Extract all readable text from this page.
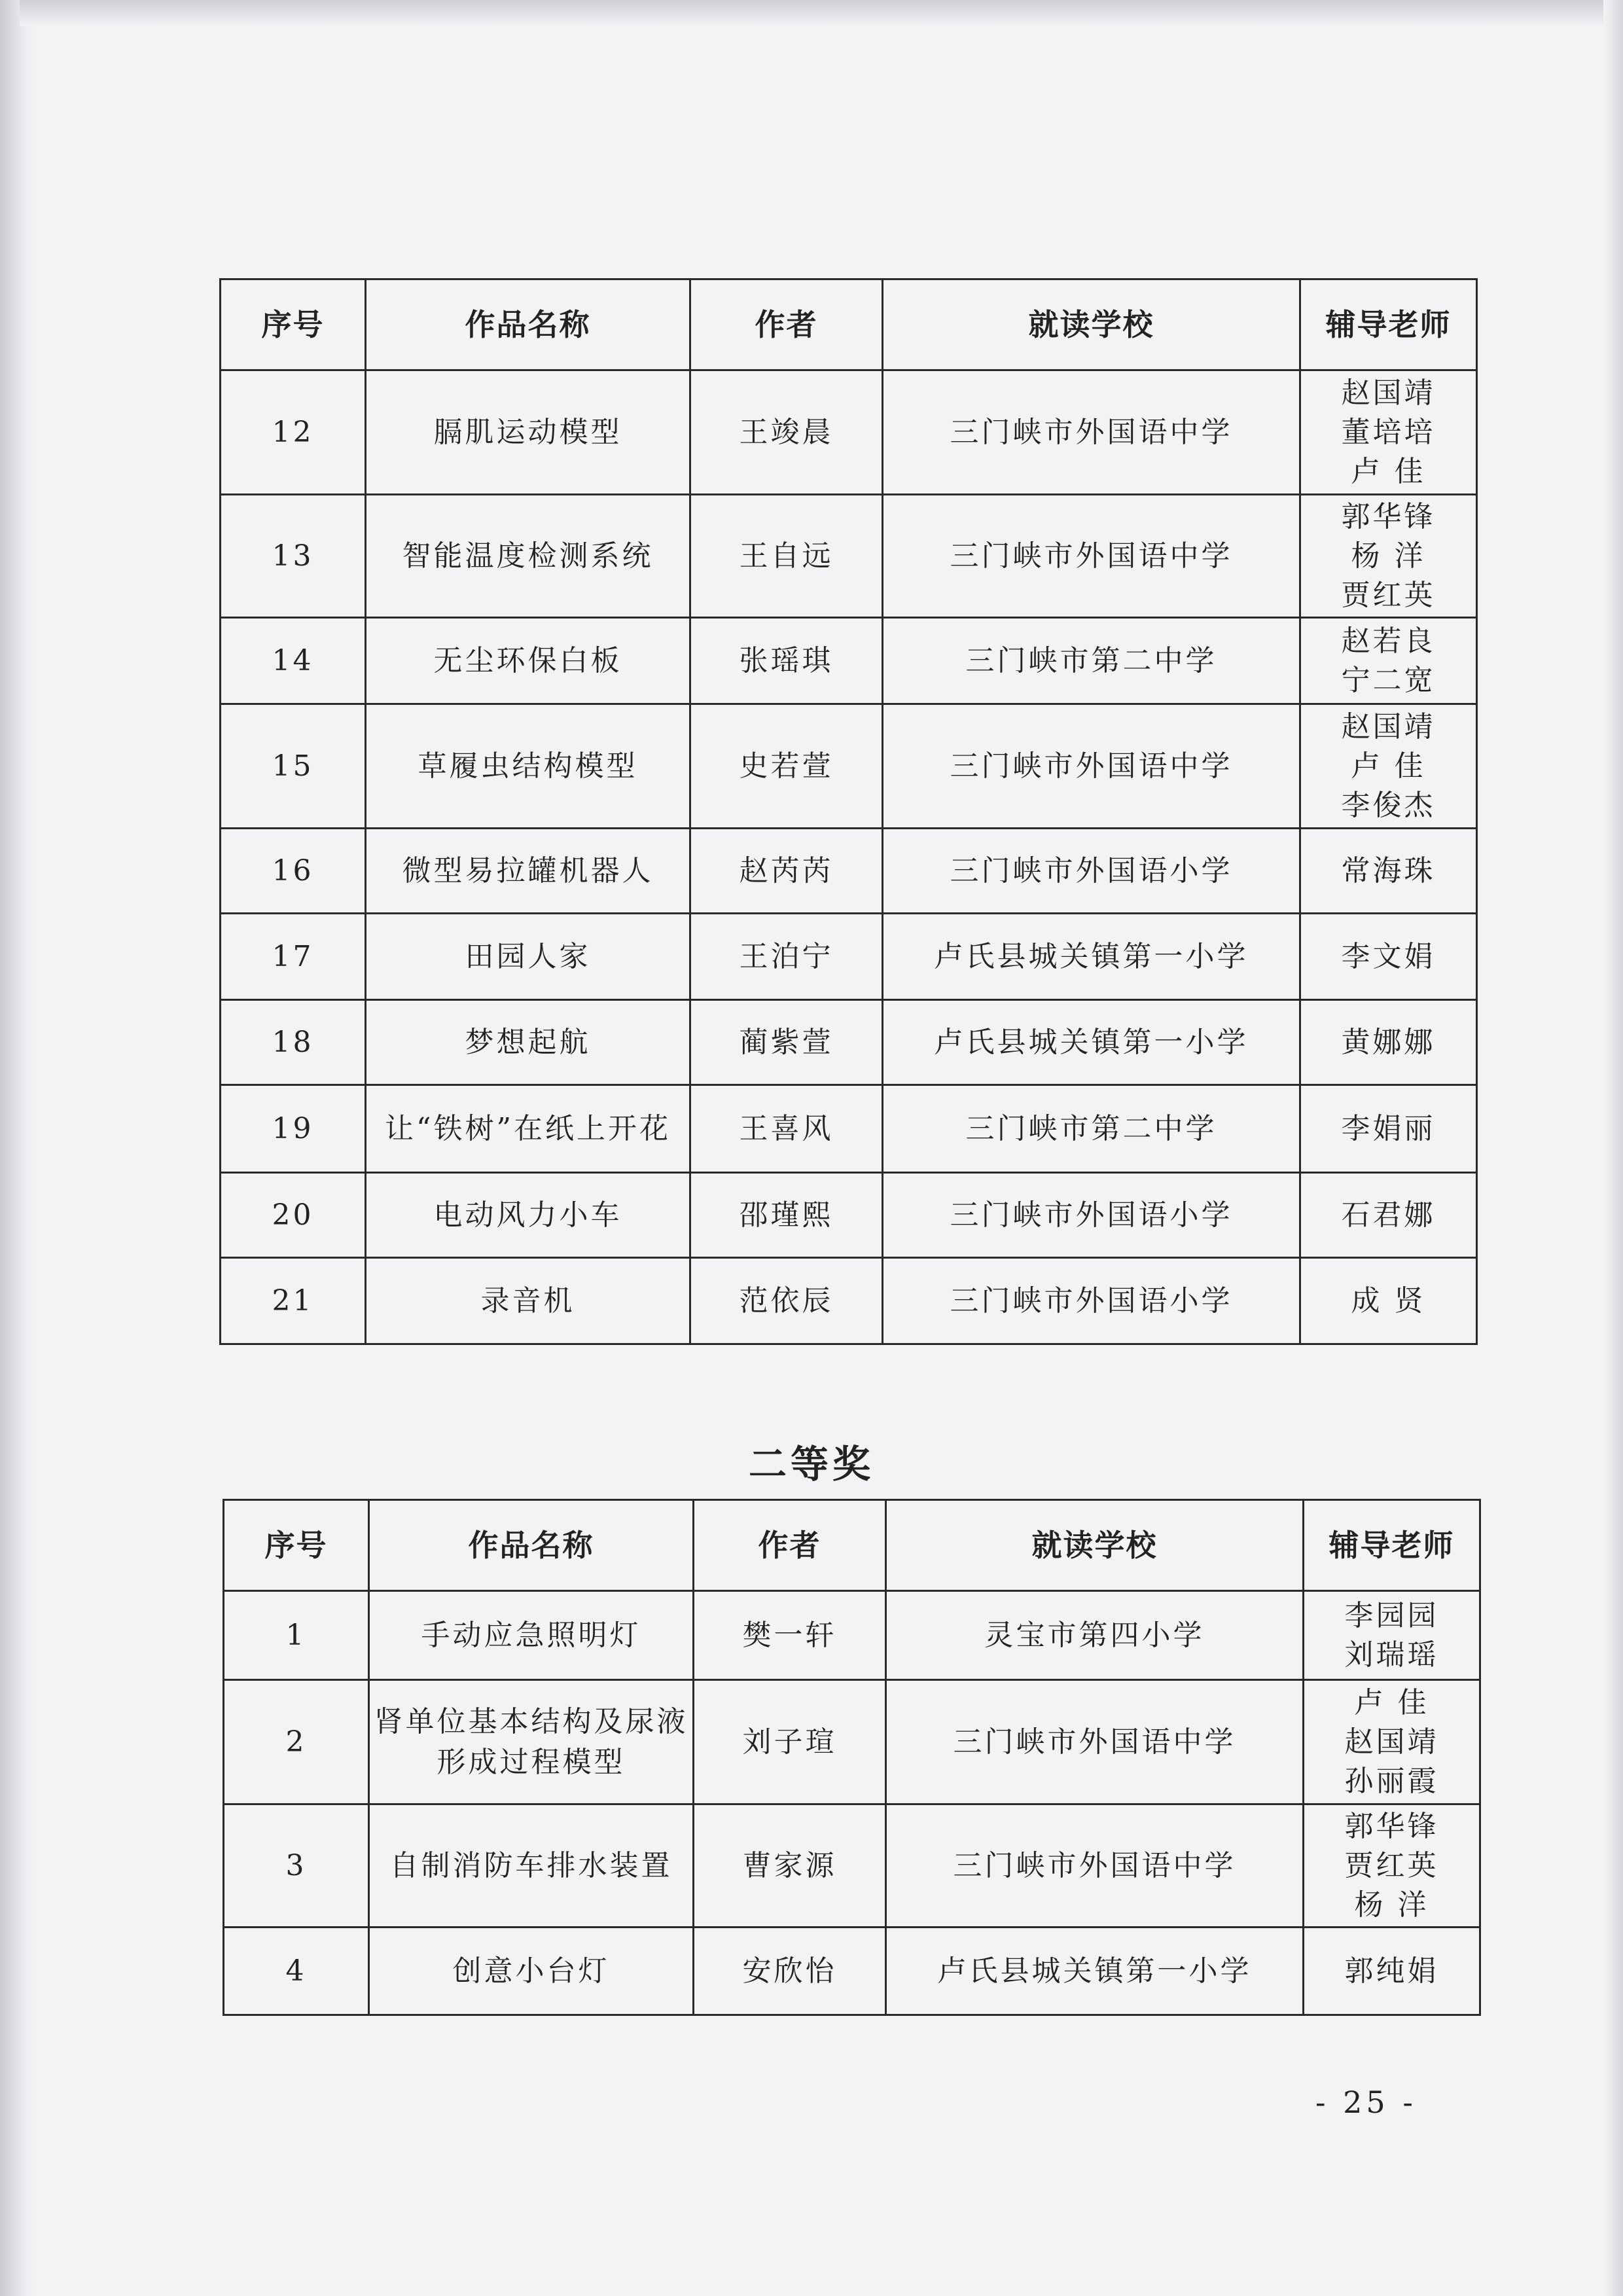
序号	作品名称	作者	就读学校	辅导老师
12	膈肌运动模型	王竣晨	三门峡市外国语中学	赵国靖
董培培
卢 佳

13	智能温度检测系统	王自远	三门峡市外国语中学	郭华锋
杨 洋
贾红英

14	无尘环保白板	张瑶琪	三门峡市第二中学	赵若良
宁二宽

15	草履虫结构模型	史若萱	三门峡市外国语中学	赵国靖
卢 佳
李俊杰

16	微型易拉罐机器人	赵芮芮	三门峡市外国语小学	常海珠

17	田园人家	王泊宁	卢氏县城关镇第一小学	李文娟

18	梦想起航	蔺紫萱	卢氏县城关镇第一小学	黄娜娜

19	让“铁树”在纸上开花	王喜风	三门峡市第二中学	李娟丽

20	电动风力小车	邵瑾熙	三门峡市外国语小学	石君娜

21	录音机	范依辰	三门峡市外国语小学	成 贤
二等奖
序号	作品名称	作者	就读学校	辅导老师
1	手动应急照明灯	樊一轩	灵宝市第四小学	李园园
刘瑞瑶

2	肾单位基本结构及尿液形成过程模型	刘子瑄	三门峡市外国语中学	卢 佳
赵国靖
孙丽霞

3	自制消防车排水装置	曹家源	三门峡市外国语中学	郭华锋
贾红英
杨 洋

4	创意小台灯	安欣怡	卢氏县城关镇第一小学	郭纯娟
- 25 -
